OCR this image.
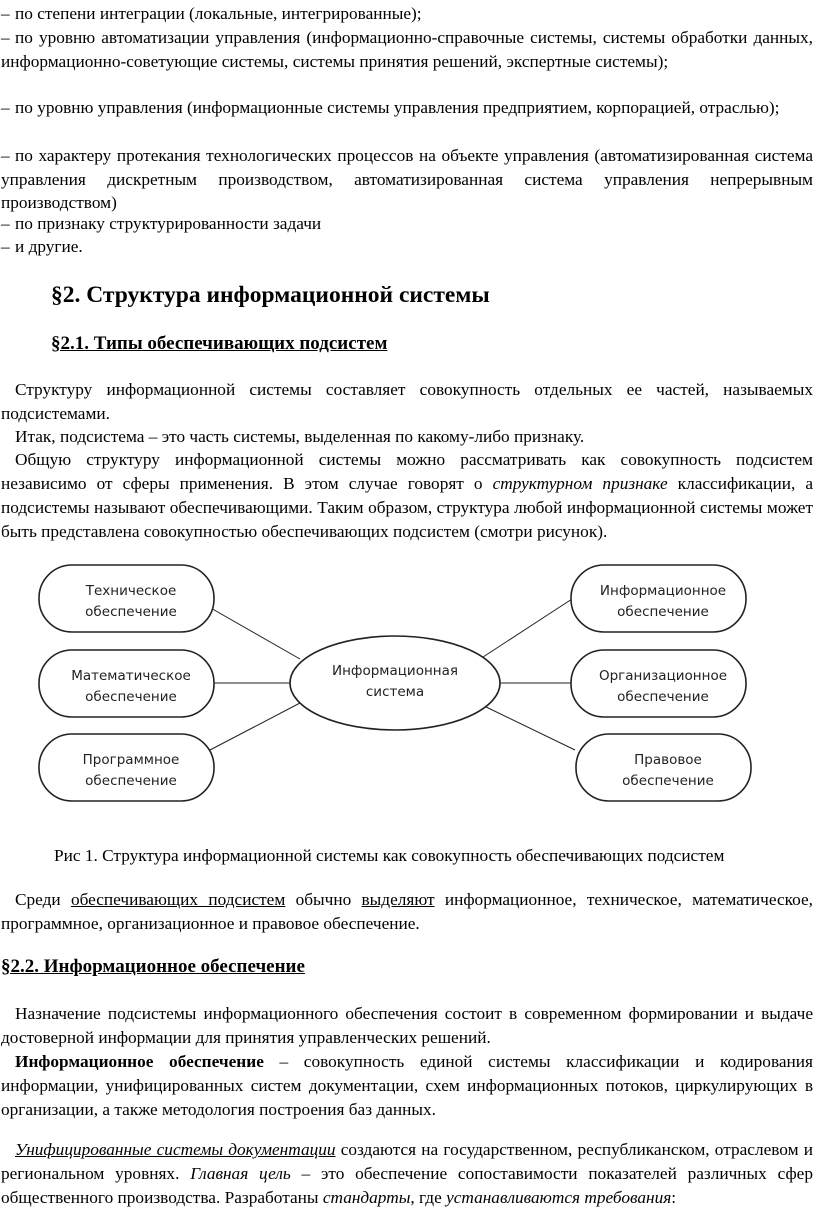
– по степени интеграции (локальные, интегрированные);
– по уровню автоматизации управления (информационно-справочные системы, системы обработки данных, информационно-советующие системы, системы принятия решений, экспертные системы);
– по уровню управления (информационные системы управления предприятием, корпорацией, отраслью);
– по характеру протекания технологических процессов на объекте управления (автоматизированная система управления дискретным производством, автоматизированная система управления непрерывным производством)
– по признаку структурированности задачи
– и другие.
§2. Структура информационной системы
§2.1. Типы обеспечивающих подсистем
Структуру информационной системы составляет совокупность отдельных ее частей, называемых подсистемами.
Итак, подсистема – это часть системы, выделенная по какому-либо признаку.
Общую структуру информационной системы можно рассматривать как совокупность подсистем независимо от сферы применения. В этом случае говорят о структурном признаке классификации, а подсистемы называют обеспечивающими. Таким образом, структура любой информационной системы может быть представлена совокупностью обеспечивающих подсистем (смотри рисунок).
Техническое
обеспечение
Математическое
обеспечение
Программное
обеспечение
Информационное
обеспечение
Организационное
обеспечение
Правовое
обеспечение
Информационная
система
Рис 1. Структура информационной системы как совокупность обеспечивающих подсистем
Среди обеспечивающих подсистем обычно выделяют информационное, техническое, математическое, программное, организационное и правовое обеспечение.
§2.2. Информационное обеспечение
Назначение подсистемы информационного обеспечения состоит в современном формировании и выдаче достоверной информации для принятия управленческих решений.
Информационное обеспечение – совокупность единой системы классификации и кодирования информации, унифицированных систем документации, схем информационных потоков, циркулирующих в организации, а также методология построения баз данных.
Унифицированные системы документации создаются на государственном, республиканском, отраслевом и региональном уровнях. Главная цель – это обеспечение сопоставимости показателей различных сфер общественного производства. Разработаны стандарты, где устанавливаются требования:
